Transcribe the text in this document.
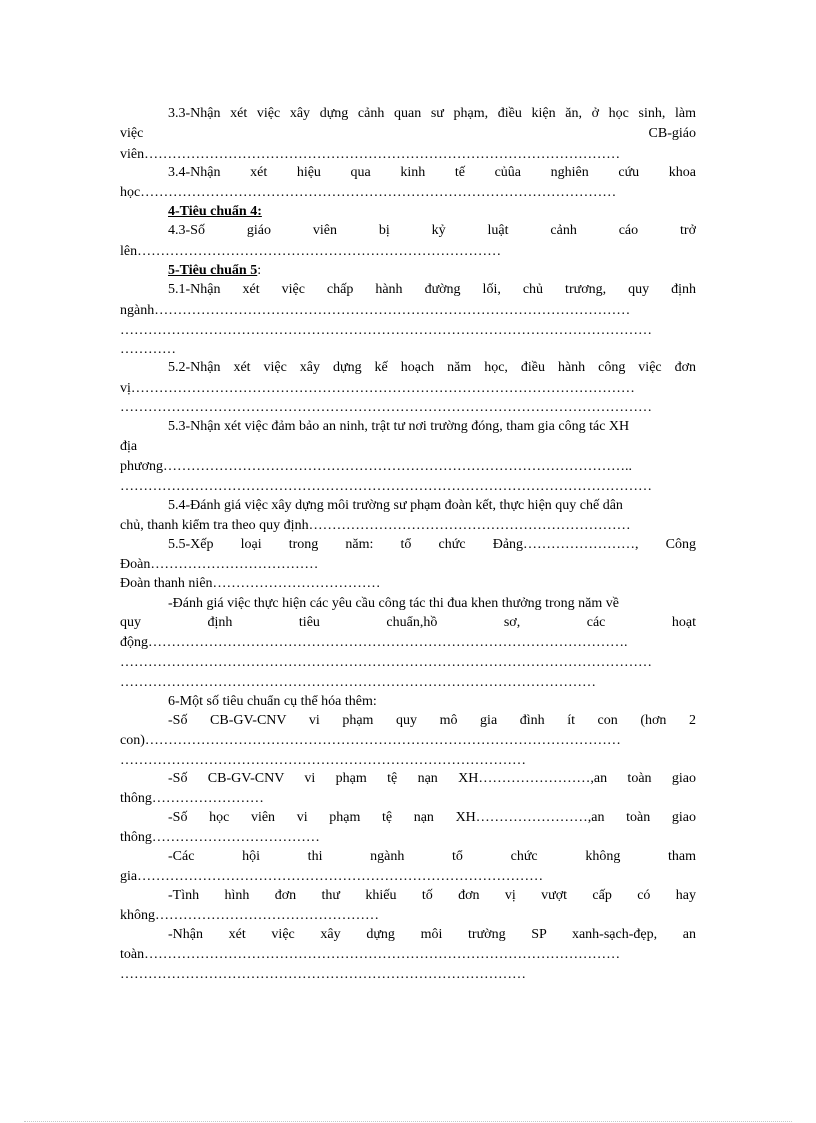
3.3-Nhận xét việc xây dựng cảnh quan sư phạm, điều kiện ăn, ở học sinh, làm
việc CB-giáo
viên…………………………………………………………………………………………
3.4-Nhận xét hiệu qua kinh tế củûa nghiên cứu khoa
học…………………………………………………………………………………………
4-Tiêu chuẩn 4:
4.3-Số giáo viên bị kỷ luật cảnh cáo trở
lên……………………………………………………………………
5-Tiêu chuẩn 5:
5.1-Nhận xét việc chấp hành đường lối, chủ trương, quy định
ngành…………………………………………………………………………………………
……………………………………………………………………………………………………
…………
5.2-Nhận xét việc xây dựng kế hoạch năm học, điều hành công việc đơn
vị………………………………………………………………………………………………
……………………………………………………………………………………………………
5.3-Nhận xét việc đảm bảo an ninh, trật tư nơi trường đóng, tham gia công tác XH
địa
phương………………………………………………………………………………………..
……………………………………………………………………………………………………
5.4-Đánh giá việc xây dựng môi trường sư phạm đoàn kết, thực hiện quy chế dân
chủ, thanh kiểm tra theo quy định……………………………………………………………
5.5-Xếp loại trong năm: tổ chức Đảng……………………, Công
Đoàn………………………………
Đoàn thanh niên………………………………
-Đánh giá việc thực hiện các yêu cầu công tác thi đua khen thưởng trong năm về
quy định tiêu chuẩn,hồ sơ, các hoạt
động………………………………………………………………………………………….
……………………………………………………………………………………………………
…………………………………………………………………………………………
6-Một số tiêu chuẩn cụ thể hóa thêm:
-Số CB-GV-CNV vi phạm quy mô gia đình ít con (hơn 2
con)…………………………………………………………………………………………
……………………………………………………………………………
-Số CB-GV-CNV vi phạm tệ nạn XH……………………,an toàn giao
thông……………………
-Số học viên vi phạm tệ nạn XH……………………,an toàn giao
thông………………………………
-Các hội thi ngành tổ chức không tham
gia……………………………………………………………………………
-Tình hình đơn thư khiếu tố đơn vị vượt cấp có hay
không…………………………………………
-Nhận xét việc xây dựng môi trường SP xanh-sạch-đẹp, an
toàn…………………………………………………………………………………………
……………………………………………………………………………
